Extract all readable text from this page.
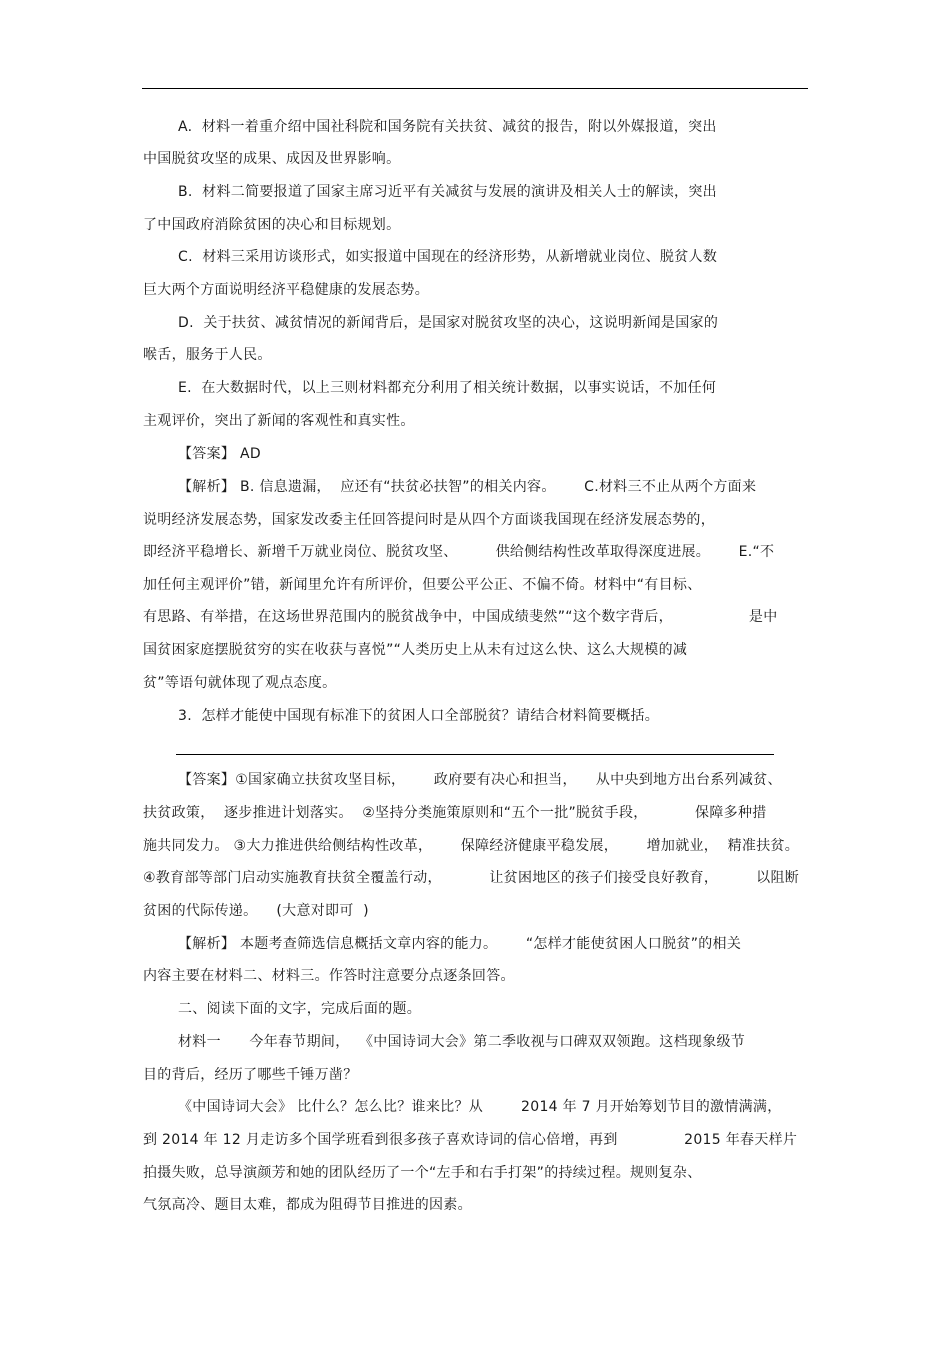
A.  材料一着重介绍中国社科院和国务院有关扶贫、减贫的报告，附以外媒报道，突出
中国脱贫攻坚的成果、成因及世界影响。
B.  材料二简要报道了国家主席习近平有关减贫与发展的演讲及相关人士的解读，突出
了中国政府消除贫困的决心和目标规划。
C.  材料三采用访谈形式，如实报道中国现在的经济形势，从新增就业岗位、脱贫人数
巨大两个方面说明经济平稳健康的发展态势。
D.  关于扶贫、减贫情况的新闻背后，是国家对脱贫攻坚的决心，这说明新闻是国家的
喉舌，服务于人民。
E.  在大数据时代，以上三则材料都充分利用了相关统计数据，以事实说话，不加任何
主观评价，突出了新闻的客观性和真实性。
【答案】 AD
【解析】 B. 信息遗漏，  应还有“扶贫必扶智”的相关内容。      C.材料三不止从两个方面来
说明经济发展态势，国家发改委主任回答提问时是从四个方面谈我国现在经济发展态势的，
即经济平稳增长、新增千万就业岗位、脱贫攻坚、        供给侧结构性改革取得深度进展。      E.“不
加任何主观评价”错，新闻里允许有所评价，但要公平公正、不偏不倚。材料中“有目标、
有思路、有举措，在这场世界范围内的脱贫战争中，中国成绩斐然”“这个数字背后，                是中
国贫困家庭摆脱贫穷的实在收获与喜悦”“人类历史上从未有过这么快、这么大规模的减
贫”等语句就体现了观点态度。
3.  怎样才能使中国现有标准下的贫困人口全部脱贫？请结合材料简要概括。
【答案】①国家确立扶贫攻坚目标，      政府要有决心和担当，    从中央到地方出台系列减贫、
扶贫政策，  逐步推进计划落实。  ②坚持分类施策原则和“五个一批”脱贫手段，          保障多种措
施共同发力。 ③大力推进供给侧结构性改革，      保障经济健康平稳发展，      增加就业，  精准扶贫。
④教育部等部门启动实施教育扶贫全覆盖行动，          让贫困地区的孩子们接受良好教育，        以阻断
贫困的代际传递。    (大意对即可  )
【解析】 本题考查筛选信息概括文章内容的能力。      “怎样才能使贫困人口脱贫”的相关
内容主要在材料二、材料三。作答时注意要分点逐条回答。
二、阅读下面的文字，完成后面的题。
材料一      今年春节期间，  《中国诗词大会》第二季收视与口碑双双领跑。这档现象级节
目的背后，经历了哪些千锤万凿？
《中国诗词大会》 比什么？怎么比？谁来比？从        2014 年 7 月开始筹划节目的激情满满，
到 2014 年 12 月走访多个国学班看到很多孩子喜欢诗词的信心倍增，再到              2015 年春天样片
拍摄失败，总导演颜芳和她的团队经历了一个“左手和右手打架”的持续过程。规则复杂、
气氛高冷、题目太难，都成为阻碍节目推进的因素。
